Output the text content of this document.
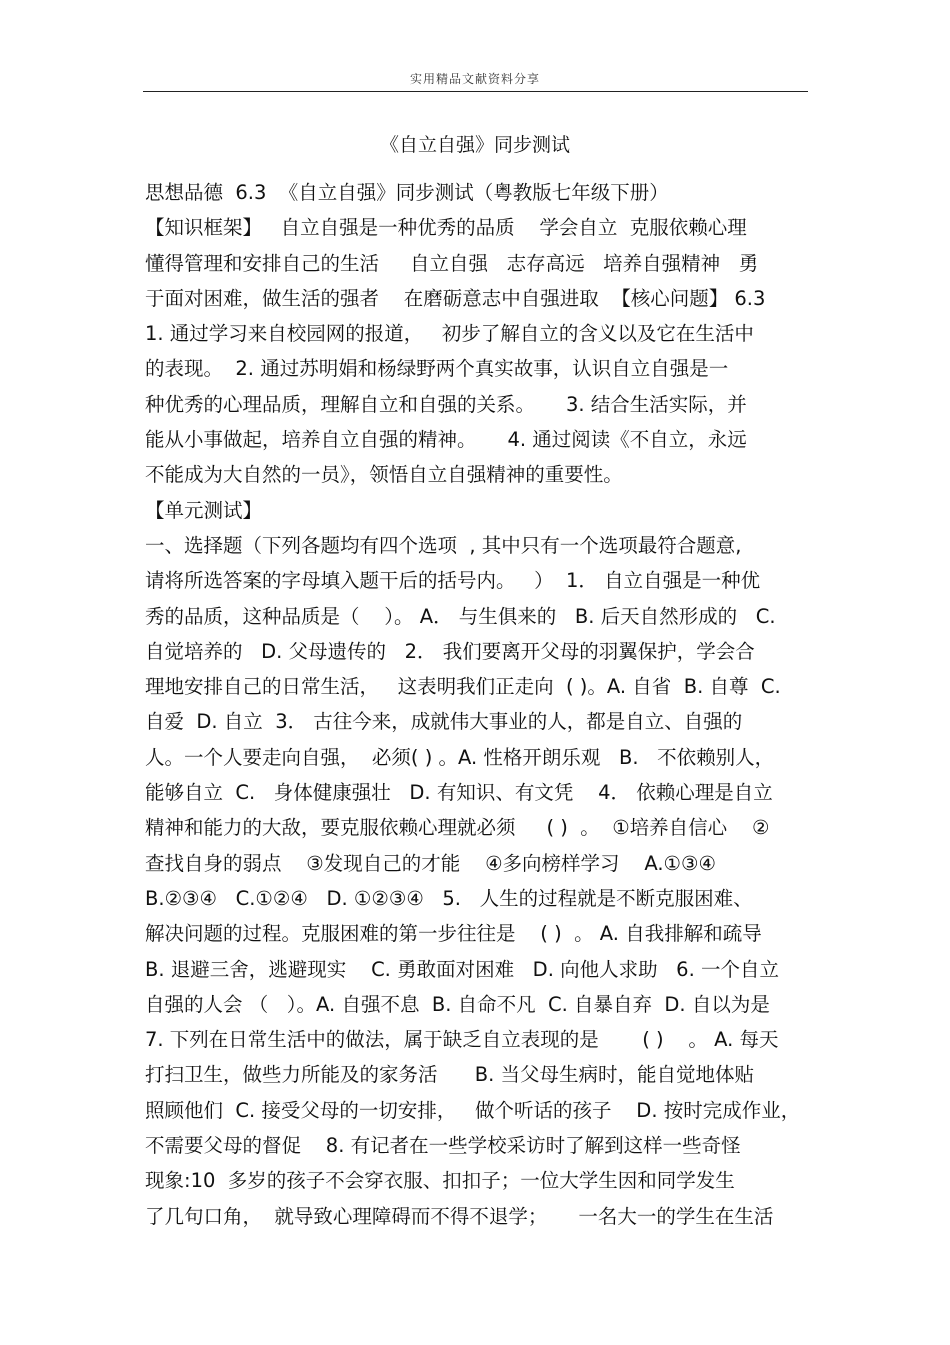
实用精品文献资料分享
《自立自强》同步测试
思想品德  6.3  《自立自强》同步测试（粤教版七年级下册）
【知识框架】   自立自强是一种优秀的品质    学会自立  克服依赖心理
懂得管理和安排自己的生活     自立自强   志存高远   培养自强精神   勇
于面对困难，做生活的强者    在磨砺意志中自强进取  【核心问题】 6.3
1. 通过学习来自校园网的报道，   初步了解自立的含义以及它在生活中
的表现。  2. 通过苏明娟和杨绿野两个真实故事，认识自立自强是一
种优秀的心理品质，理解自立和自强的关系。     3. 结合生活实际，并
能从小事做起，培养自立自强的精神。     4. 通过阅读《不自立，永远
不能成为大自然的一员》，领悟自立自强精神的重要性。
【单元测试】
一、选择题（下列各题均有四个选项  , 其中只有一个选项最符合题意,
请将所选答案的字母填入题干后的括号内。   ）  1． 自立自强是一种优
秀的品质，这种品质是（    ）。 A． 与生俱来的   B. 后天自然形成的   C.
自觉培养的   D. 父母遗传的   2． 我们要离开父母的羽翼保护，学会合
理地安排自己的日常生活，   这表明我们正走向  ( )。A. 自省  B. 自尊  C.
自爱  D. 自立  3． 古往今来，成就伟大事业的人，都是自立、自强的
人。一个人要走向自强，  必须( ) 。A. 性格开朗乐观   B.   不依赖别人，
能够自立  C.   身体健康强壮   D. 有知识、有文凭    4． 依赖心理是自立
精神和能力的大敌，要克服依赖心理就必须     ( )  。  ①培养自信心    ②
查找自身的弱点    ③发现自己的才能    ④多向榜样学习    A.①③④
B.②③④   C.①②④   D. ①②③④   5.   人生的过程就是不断克服困难、
解决问题的过程。克服困难的第一步往往是    ( )  。 A. 自我排解和疏导
B. 退避三舍，逃避现实    C. 勇敢面对困难   D. 向他人求助   6. 一个自立
自强的人会 （   ）。A. 自强不息  B. 自命不凡  C. 自暴自弃  D. 自以为是
7. 下列在日常生活中的做法，属于缺乏自立表现的是       ( )    。 A. 每天
打扫卫生，做些力所能及的家务活      B. 当父母生病时，能自觉地体贴
照顾他们  C. 接受父母的一切安排，   做个听话的孩子    D. 按时完成作业，
不需要父母的督促    8. 有记者在一些学校采访时了解到这样一些奇怪
现象:10  多岁的孩子不会穿衣服、扣扣子；一位大学生因和同学发生
了几句口角，  就导致心理障碍而不得不退学；     一名大一的学生在生活
